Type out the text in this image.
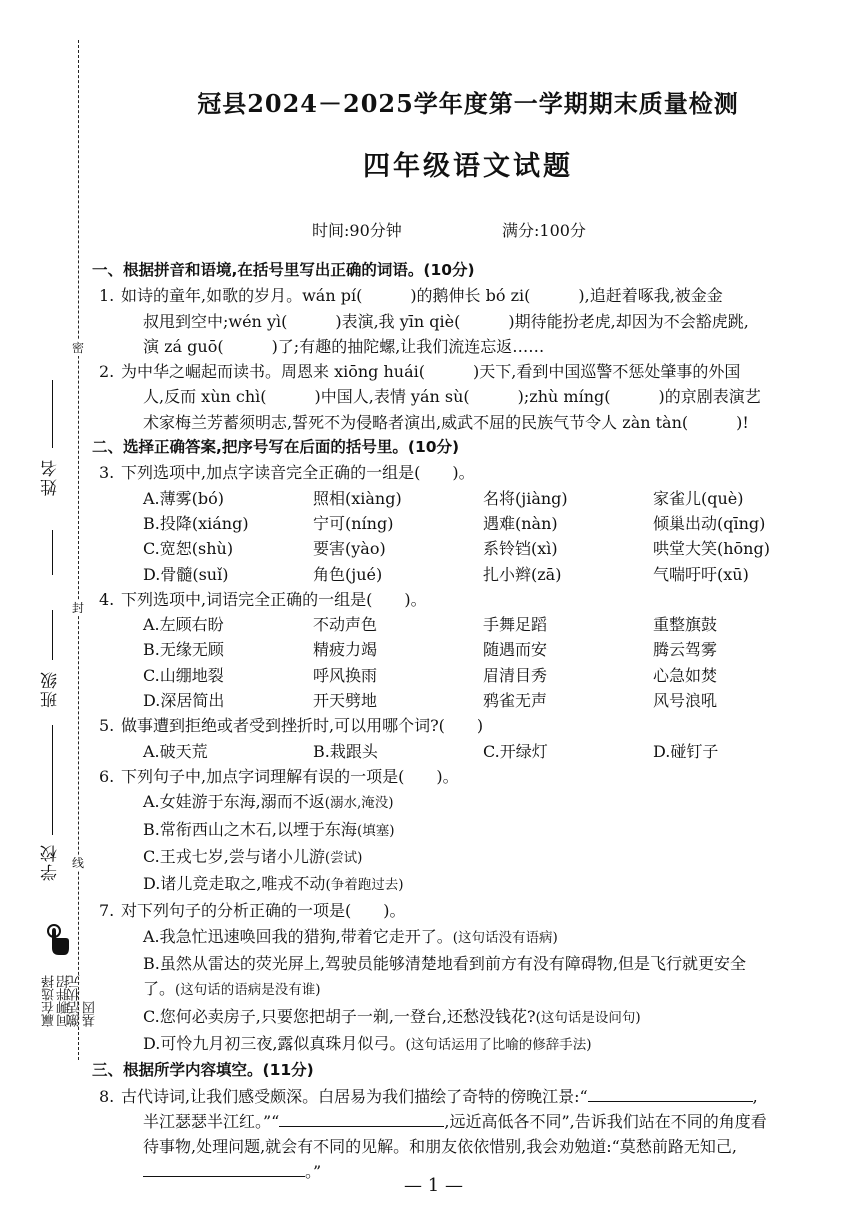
密
封
线
姓名
班级
学校
赢在选择 间聊胖招
激活状元 基因
冠县2024－2025学年度第一学期期末质量检测
四年级语文试题
时间:90分钟	满分:100分
一、根据拼音和语境,在括号里写出正确的词语。(10分)
1. 如诗的童年,如歌的岁月。wán pí(　　　)的鹅伸长 bó zi(　　　),追赶着啄我,被金金
叔甩到空中;wén yì(　　　)表演,我 yīn qiè(　　　)期待能扮老虎,却因为不会豁虎跳,
演 zá guō(　　　)了;有趣的抽陀螺,让我们流连忘返……
2. 为中华之崛起而读书。周恩来 xiōng huái(　　　)天下,看到中国巡警不惩处肇事的外国
人,反而 xùn chì(　　　)中国人,表情 yán sù(　　　);zhù míng(　　　)的京剧表演艺
术家梅兰芳蓄须明志,誓死不为侵略者演出,威武不屈的民族气节令人 zàn tàn(　　　)!
二、选择正确答案,把序号写在后面的括号里。(10分)
3. 下列选项中,加点字读音完全正确的一组是(　　)。
A.薄雾(bó)	照相(xiàng)	名将(jiàng)	家雀儿(què)
B.投降(xiáng)	宁可(níng)	遇难(nàn)	倾巢出动(qīng)
C.宽恕(shù)	要害(yào)	系铃铛(xì)	哄堂大笑(hōng)
D.骨髓(suǐ)	角色(jué)	扎小辫(zā)	气喘吁吁(xū)
4. 下列选项中,词语完全正确的一组是(　　)。
A.左顾右盼	不动声色	手舞足蹈	重整旗鼓
B.无缘无顾	精疲力竭	随遇而安	腾云驾雾
C.山绷地裂	呼风换雨	眉清目秀	心急如焚
D.深居简出	开天劈地	鸦雀无声	风号浪吼
5. 做事遭到拒绝或者受到挫折时,可以用哪个词?(　　)
A.破天荒	B.栽跟头	C.开绿灯	D.碰钉子
6. 下列句子中,加点字词理解有误的一项是(　　)。
A.女娃游于东海,溺而不返(溺水,淹没)
B.常衔西山之木石,以堙于东海(填塞)
C.王戎七岁,尝与诸小儿游(尝试)
D.诸儿竞走取之,唯戎不动(争着跑过去)
7. 对下列句子的分析正确的一项是(　　)。
A.我急忙迅速唤回我的猎狗,带着它走开了。(这句话没有语病)
B.虽然从雷达的荧光屏上,驾驶员能够清楚地看到前方有没有障碍物,但是飞行就更安全
了。(这句话的语病是没有谁)
C.您何必卖房子,只要您把胡子一剃,一登台,还愁没钱花?(这句话是设问句)
D.可怜九月初三夜,露似真珠月似弓。(这句话运用了比喻的修辞手法)
三、根据所学内容填空。(11分)
8. 古代诗词,让我们感受颇深。白居易为我们描绘了奇特的傍晚江景:“	,
半江瑟瑟半江红。”“	,远近高低各不同”,告诉我们站在不同的角度看
待事物,处理问题,就会有不同的见解。和朋友依依惜别,我会劝勉道:“莫愁前路无知己,
。”
— 1 —
